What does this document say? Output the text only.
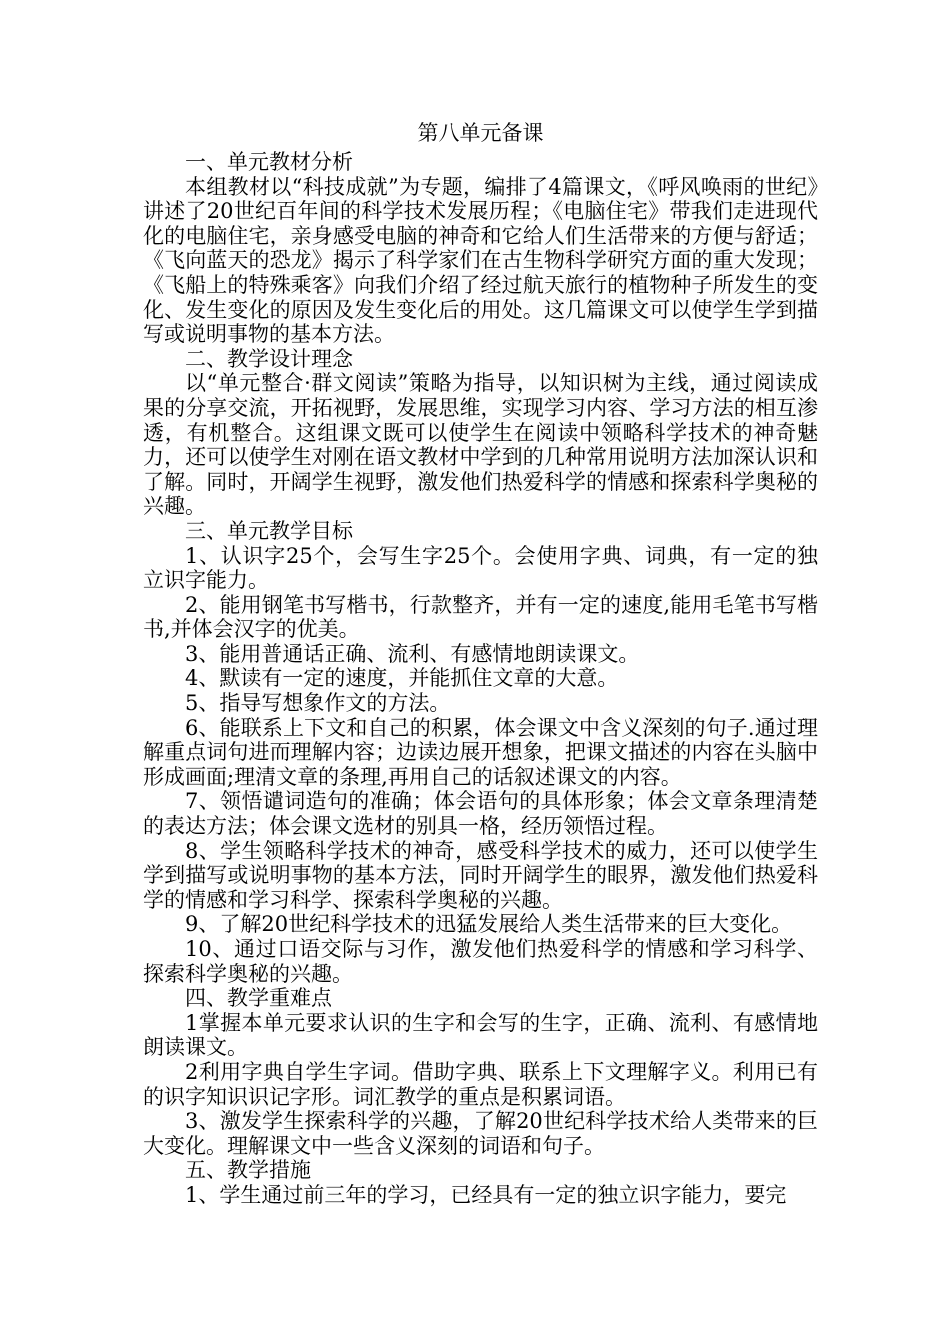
第八单元备课

一、单元教材分析

本组教材以“科技成就”为专题，编排了4篇课文，《呼风唤雨的世纪》讲述了20世纪百年间的科学技术发展历程；《电脑住宅》带我们走进现代化的电脑住宅，亲身感受电脑的神奇和它给人们生活带来的方便与舒适；《飞向蓝天的恐龙》揭示了科学家们在古生物科学研究方面的重大发现；《飞船上的特殊乘客》向我们介绍了经过航天旅行的植物种子所发生的变化、发生变化的原因及发生变化后的用处。这几篇课文可以使学生学到描写或说明事物的基本方法。

二、教学设计理念

以“单元整合·群文阅读”策略为指导，以知识树为主线，通过阅读成果的分享交流，开拓视野，发展思维，实现学习内容、学习方法的相互渗透，有机整合。这组课文既可以使学生在阅读中领略科学技术的神奇魅力，还可以使学生对刚在语文教材中学到的几种常用说明方法加深认识和了解。同时，开阔学生视野，激发他们热爱科学的情感和探索科学奥秘的兴趣。

三、单元教学目标

1、认识字25个，会写生字25个。会使用字典、词典，有一定的独立识字能力。

2、能用钢笔书写楷书，行款整齐，并有一定的速度,能用毛笔书写楷书,并体会汉字的优美。

3、能用普通话正确、流利、有感情地朗读课文。

4、默读有一定的速度，并能抓住文章的大意。

5、指导写想象作文的方法。

6、能联系上下文和自己的积累，体会课文中含义深刻的句子.通过理解重点词句进而理解内容；边读边展开想象，把课文描述的内容在头脑中形成画面;理清文章的条理,再用自己的话叙述课文的内容。

7、领悟谴词造句的准确；体会语句的具体形象；体会文章条理清楚的表达方法；体会课文选材的别具一格，经历领悟过程。

8、学生领略科学技术的神奇，感受科学技术的威力，还可以使学生学到描写或说明事物的基本方法，同时开阔学生的眼界，激发他们热爱科学的情感和学习科学、探索科学奥秘的兴趣。

9、了解20世纪科学技术的迅猛发展给人类生活带来的巨大变化。

10、通过口语交际与习作，激发他们热爱科学的情感和学习科学、探索科学奥秘的兴趣。

四、教学重难点

1掌握本单元要求认识的生字和会写的生字，正确、流利、有感情地朗读课文。

2利用字典自学生字词。借助字典、联系上下文理解字义。利用已有的识字知识识记字形。词汇教学的重点是积累词语。

3、激发学生探索科学的兴趣，了解20世纪科学技术给人类带来的巨大变化。理解课文中一些含义深刻的词语和句子。

五、教学措施

1、学生通过前三年的学习，已经具有一定的独立识字能力，要完
